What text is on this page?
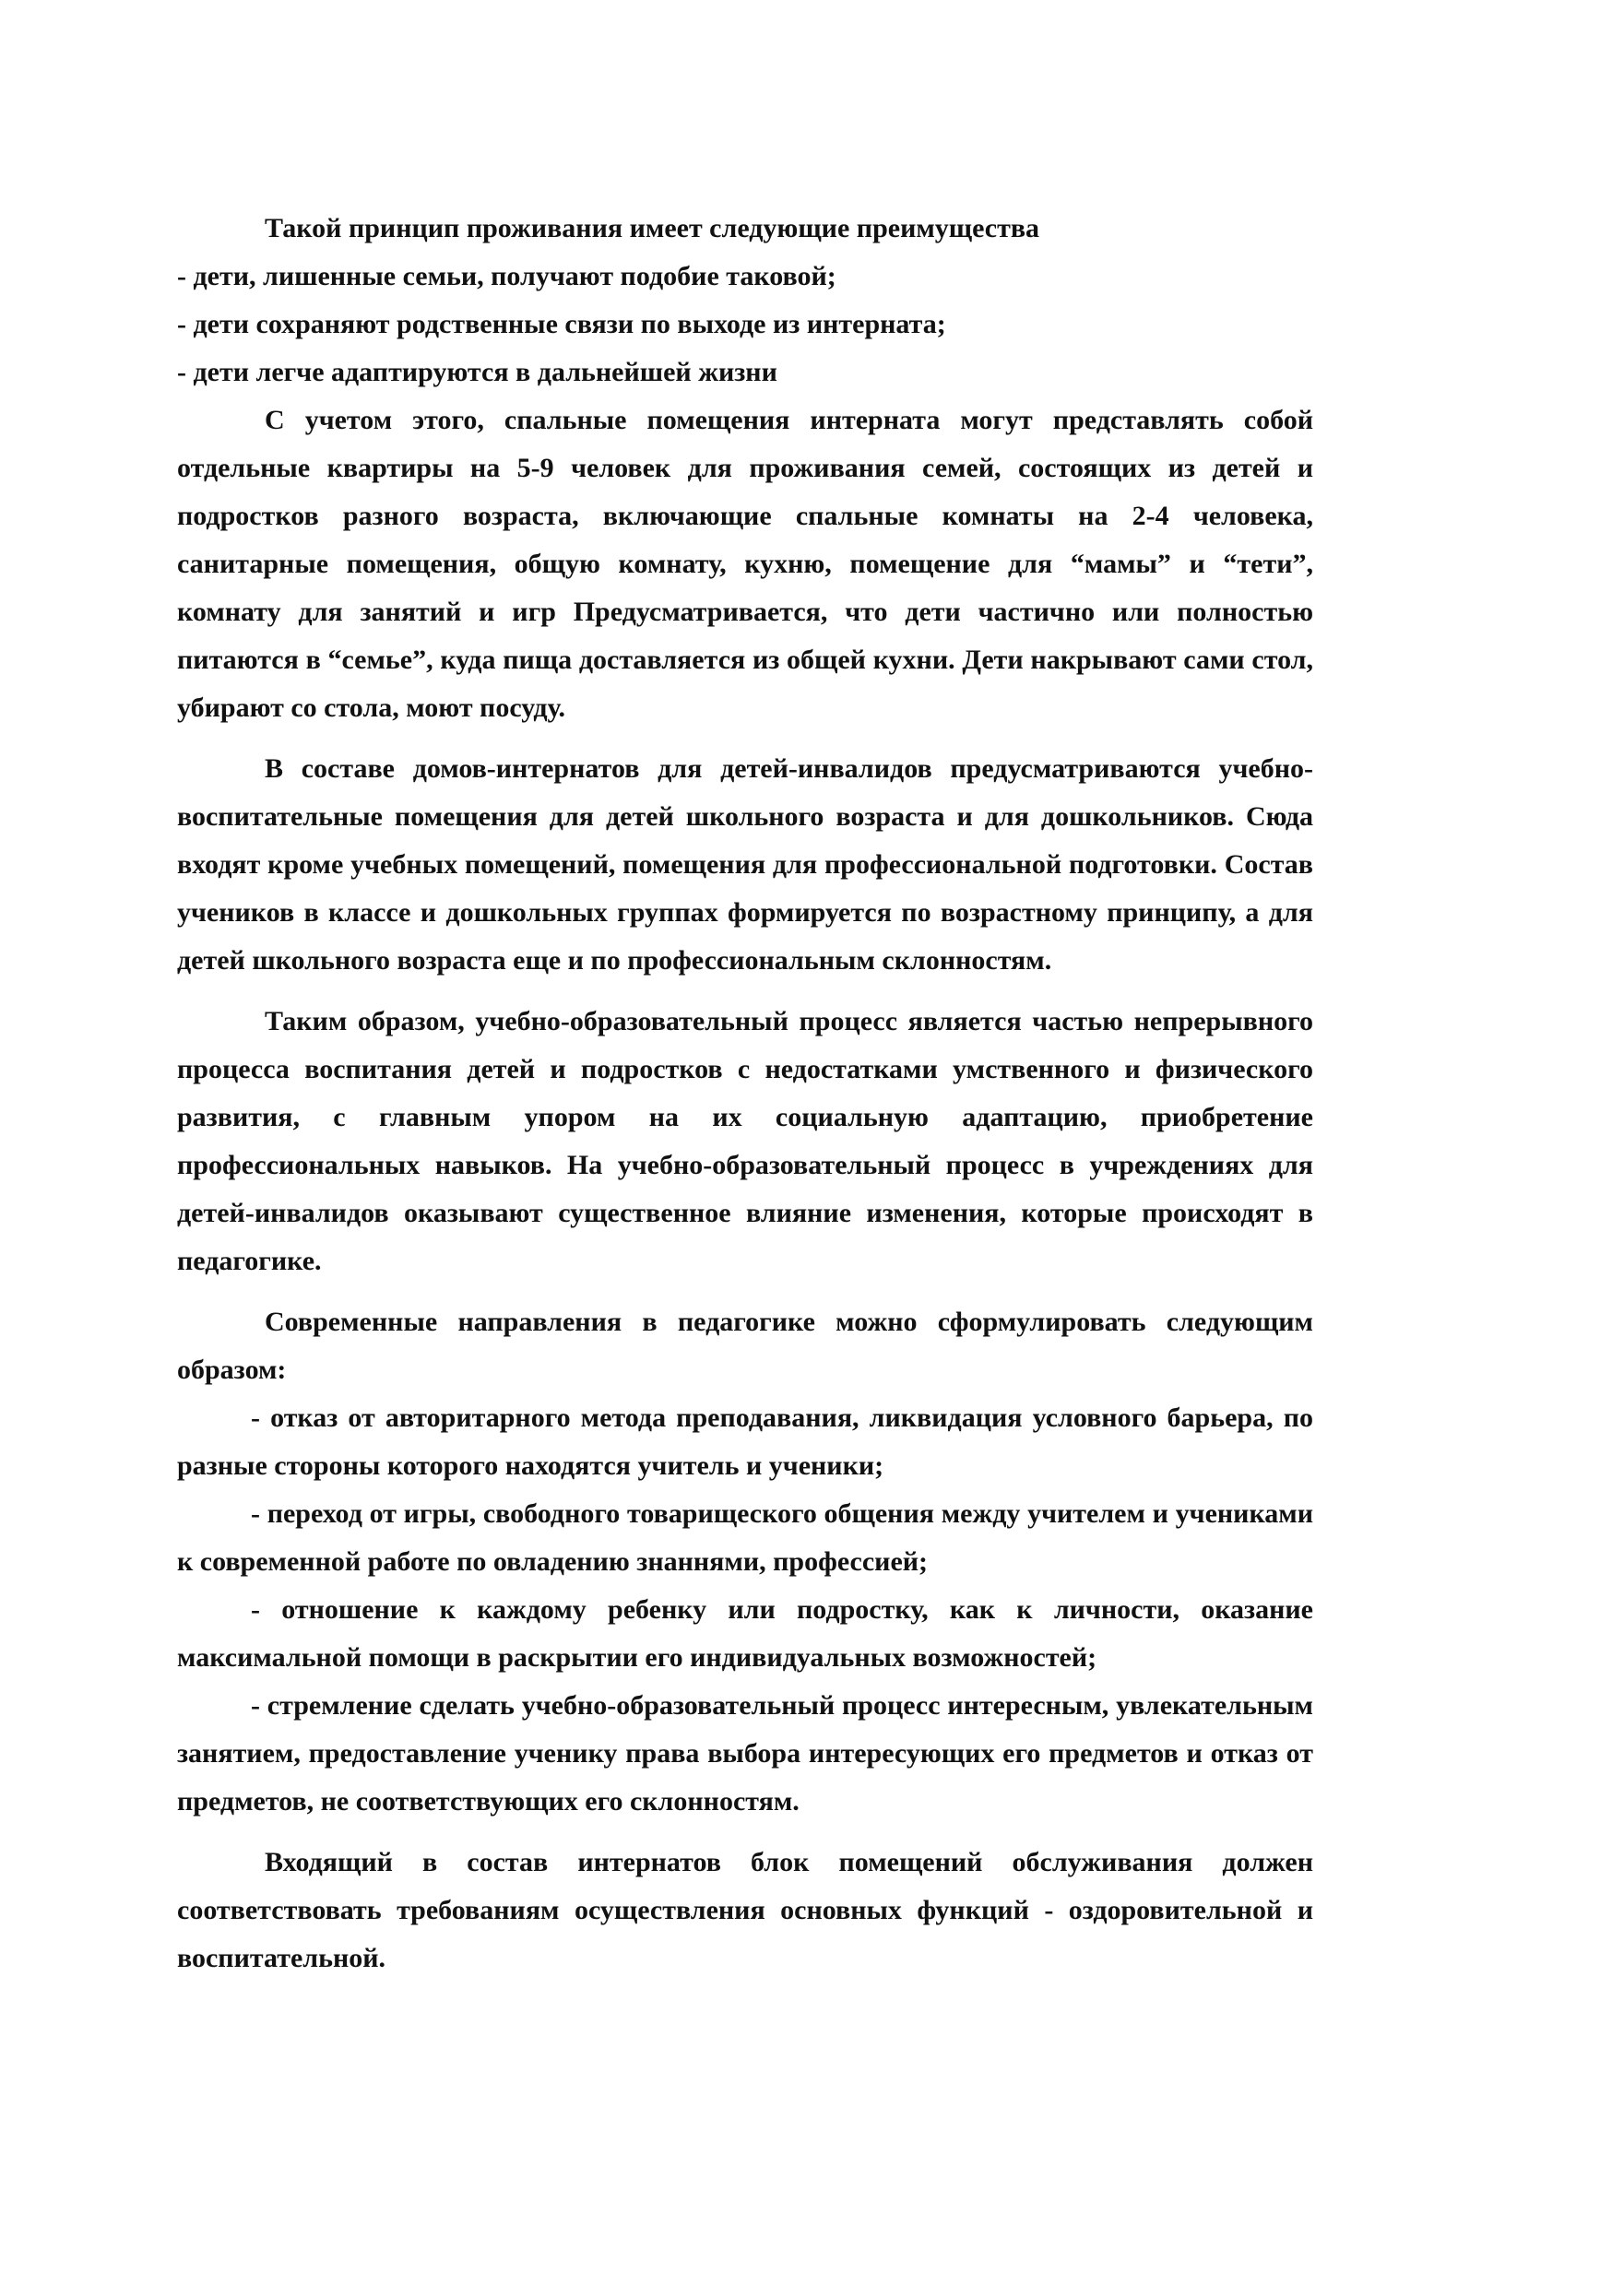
Такой принцип проживания имеет следующие преимущества

- дети, лишенные семьи, получают подобие таковой;

- дети сохраняют родственные связи по выходе из интерната;

- дети легче адаптируются в дальнейшей жизни

С учетом этого, спальные помещения интерната могут представлять собой отдельные квартиры на 5-9 человек для проживания семей, состоящих из детей и подростков разного возраста, включающие спальные комнаты на 2-4 человека, санитарные помещения, общую комнату, кухню, помещение для “мамы” и “тети”, комнату для занятий и игр Предусматривается, что дети частично или полностью питаются в “семье”, куда пища доставляется из общей кухни. Дети накрывают сами стол, убирают со стола, моют посуду.

В составе домов-интернатов для детей-инвалидов предусматриваются учебно-воспитательные помещения для детей школьного возраста и для дошкольников. Сюда входят кроме учебных помещений, помещения для профессиональной подготовки. Состав учеников в классе и дошкольных группах формируется по возрастному принципу, а для детей школьного возраста еще и по профессиональным склонностям.

Таким образом, учебно-образовательный процесс является частью непрерывного процесса воспитания детей и подростков с недостатками умственного и физического развития, с главным упором на их социальную адаптацию, приобретение профессиональных навыков. На учебно-образовательный процесс в учреждениях для детей-инвалидов оказывают существенное влияние изменения, которые происходят в педагогике.

Современные направления в педагогике можно сформулировать следующим образом:

- отказ от авторитарного метода преподавания, ликвидация условного барьера, по разные стороны которого находятся учитель и ученики;

- переход от игры, свободного товарищеского общения между учителем и учениками к современной работе по овладению знаннями, профессией;

- отношение к каждому ребенку или подростку, как к личности, оказание максимальной помощи в раскрытии его индивидуальных возможностей;

- стремление сделать учебно-образовательный процесс интересным, увлекательным занятием, предоставление ученику права выбора интересующих его предметов и отказ от предметов, не соответствующих его склонностям.

Входящий в состав интернатов блок помещений обслуживания должен соответствовать требованиям осуществления основных функций - оздоровительной и воспитательной.
